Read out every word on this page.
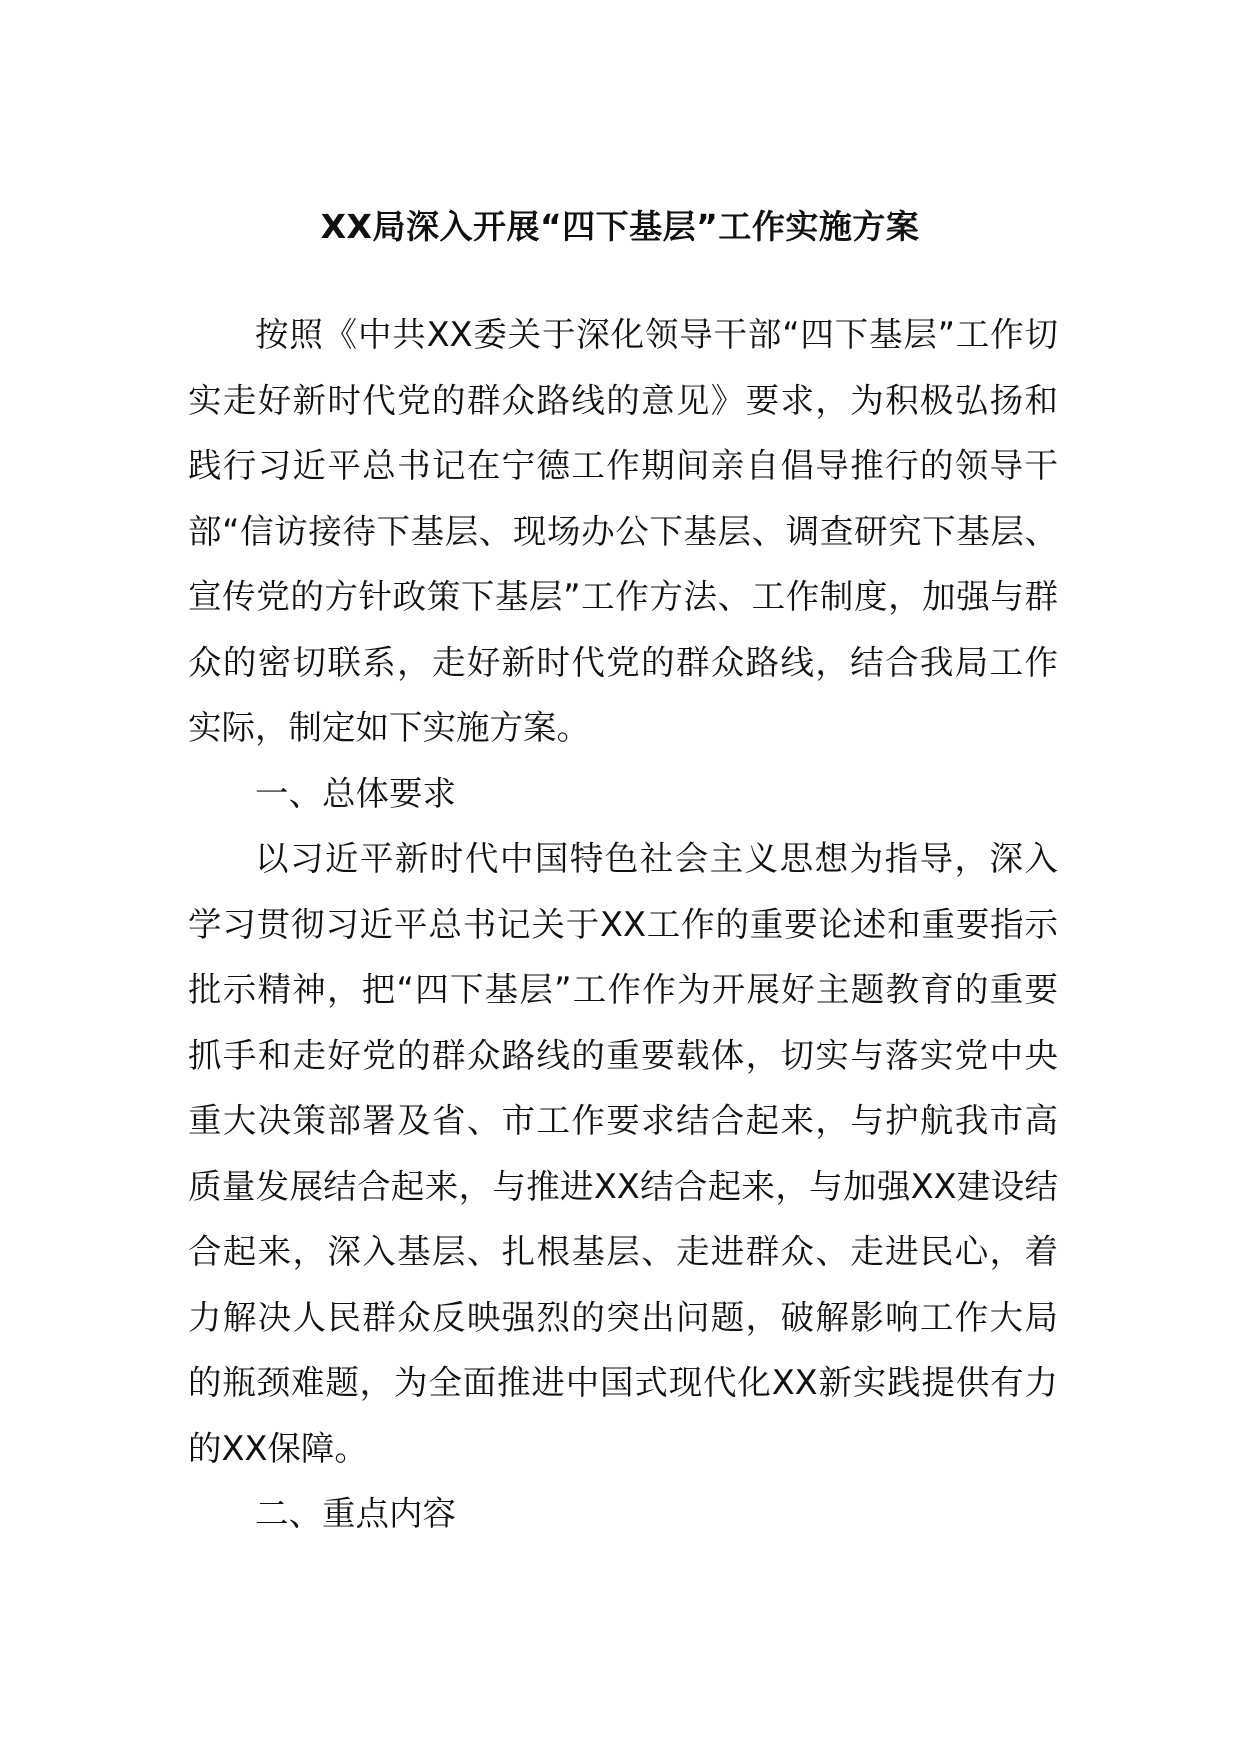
XX局深入开展“四下基层”工作实施方案

按照《中共XX委关于深化领导干部“四下基层”工作切实走好新时代党的群众路线的意见》要求，为积极弘扬和践行习近平总书记在宁德工作期间亲自倡导推行的领导干部“信访接待下基层、现场办公下基层、调查研究下基层、宣传党的方针政策下基层”工作方法、工作制度，加强与群众的密切联系，走好新时代党的群众路线，结合我局工作实际，制定如下实施方案。

一、总体要求

以习近平新时代中国特色社会主义思想为指导，深入学习贯彻习近平总书记关于XX工作的重要论述和重要指示批示精神，把“四下基层”工作作为开展好主题教育的重要抓手和走好党的群众路线的重要载体，切实与落实党中央重大决策部署及省、市工作要求结合起来，与护航我市高质量发展结合起来，与推进XX结合起来，与加强XX建设结合起来，深入基层、扎根基层、走进群众、走进民心，着力解决人民群众反映强烈的突出问题，破解影响工作大局的瓶颈难题，为全面推进中国式现代化XX新实践提供有力的XX保障。

二、重点内容
